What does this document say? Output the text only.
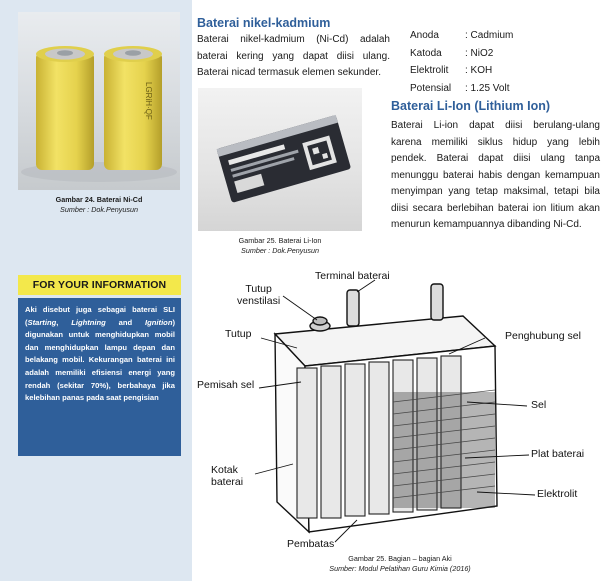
LGRiH·QF
Gambar 24. Baterai Ni-Cd
Sumber : Dok.Penyusun
FOR YOUR INFORMATION
Aki disebut juga sebagai baterai SLI (Starting, Lightning and Ignition) digunakan untuk menghidupkan mobil dan menghidupkan lampu depan dan belakang mobil. Kekurangan baterai ini adalah memiliki efisiensi energi yang rendah (sekitar 70%), berbahaya jika kelebihan panas pada saat pengisian
Baterai nikel-kadmium
Baterai nikel-kadmium (Ni-Cd) adalah baterai kering yang dapat diisi ulang. Baterai nicad termasuk elemen sekunder.
Anoda	: Cadmium
Katoda	: NiO2
Elektrolit	: KOH
Potensial	: 1.25 Volt
Gambar 25. Baterai Li-Ion
Sumber : Dok.Penyusun
Baterai Li-Ion (Lithium Ion)
Baterai Li-ion dapat diisi berulang-ulang karena memiliki siklus hidup yang lebih pendek. Baterai dapat diisi ulang tanpa menunggu baterai habis dengan kemampuan menyimpan yang tetap maksimal, tetapi bila diisi secara berlebihan baterai ion litium akan menurun kemampuannya dibanding Ni-Cd.
Terminal baterai
Tutup
venstilasi
Tutup	Penghubung sel
Pemisah sel
Sel
Plat baterai
Kotak
baterai
Elektrolit
Pembatas
Gambar 25. Bagian – bagian Aki
Sumber: Modul Pelatihan Guru Kimia (2016)
